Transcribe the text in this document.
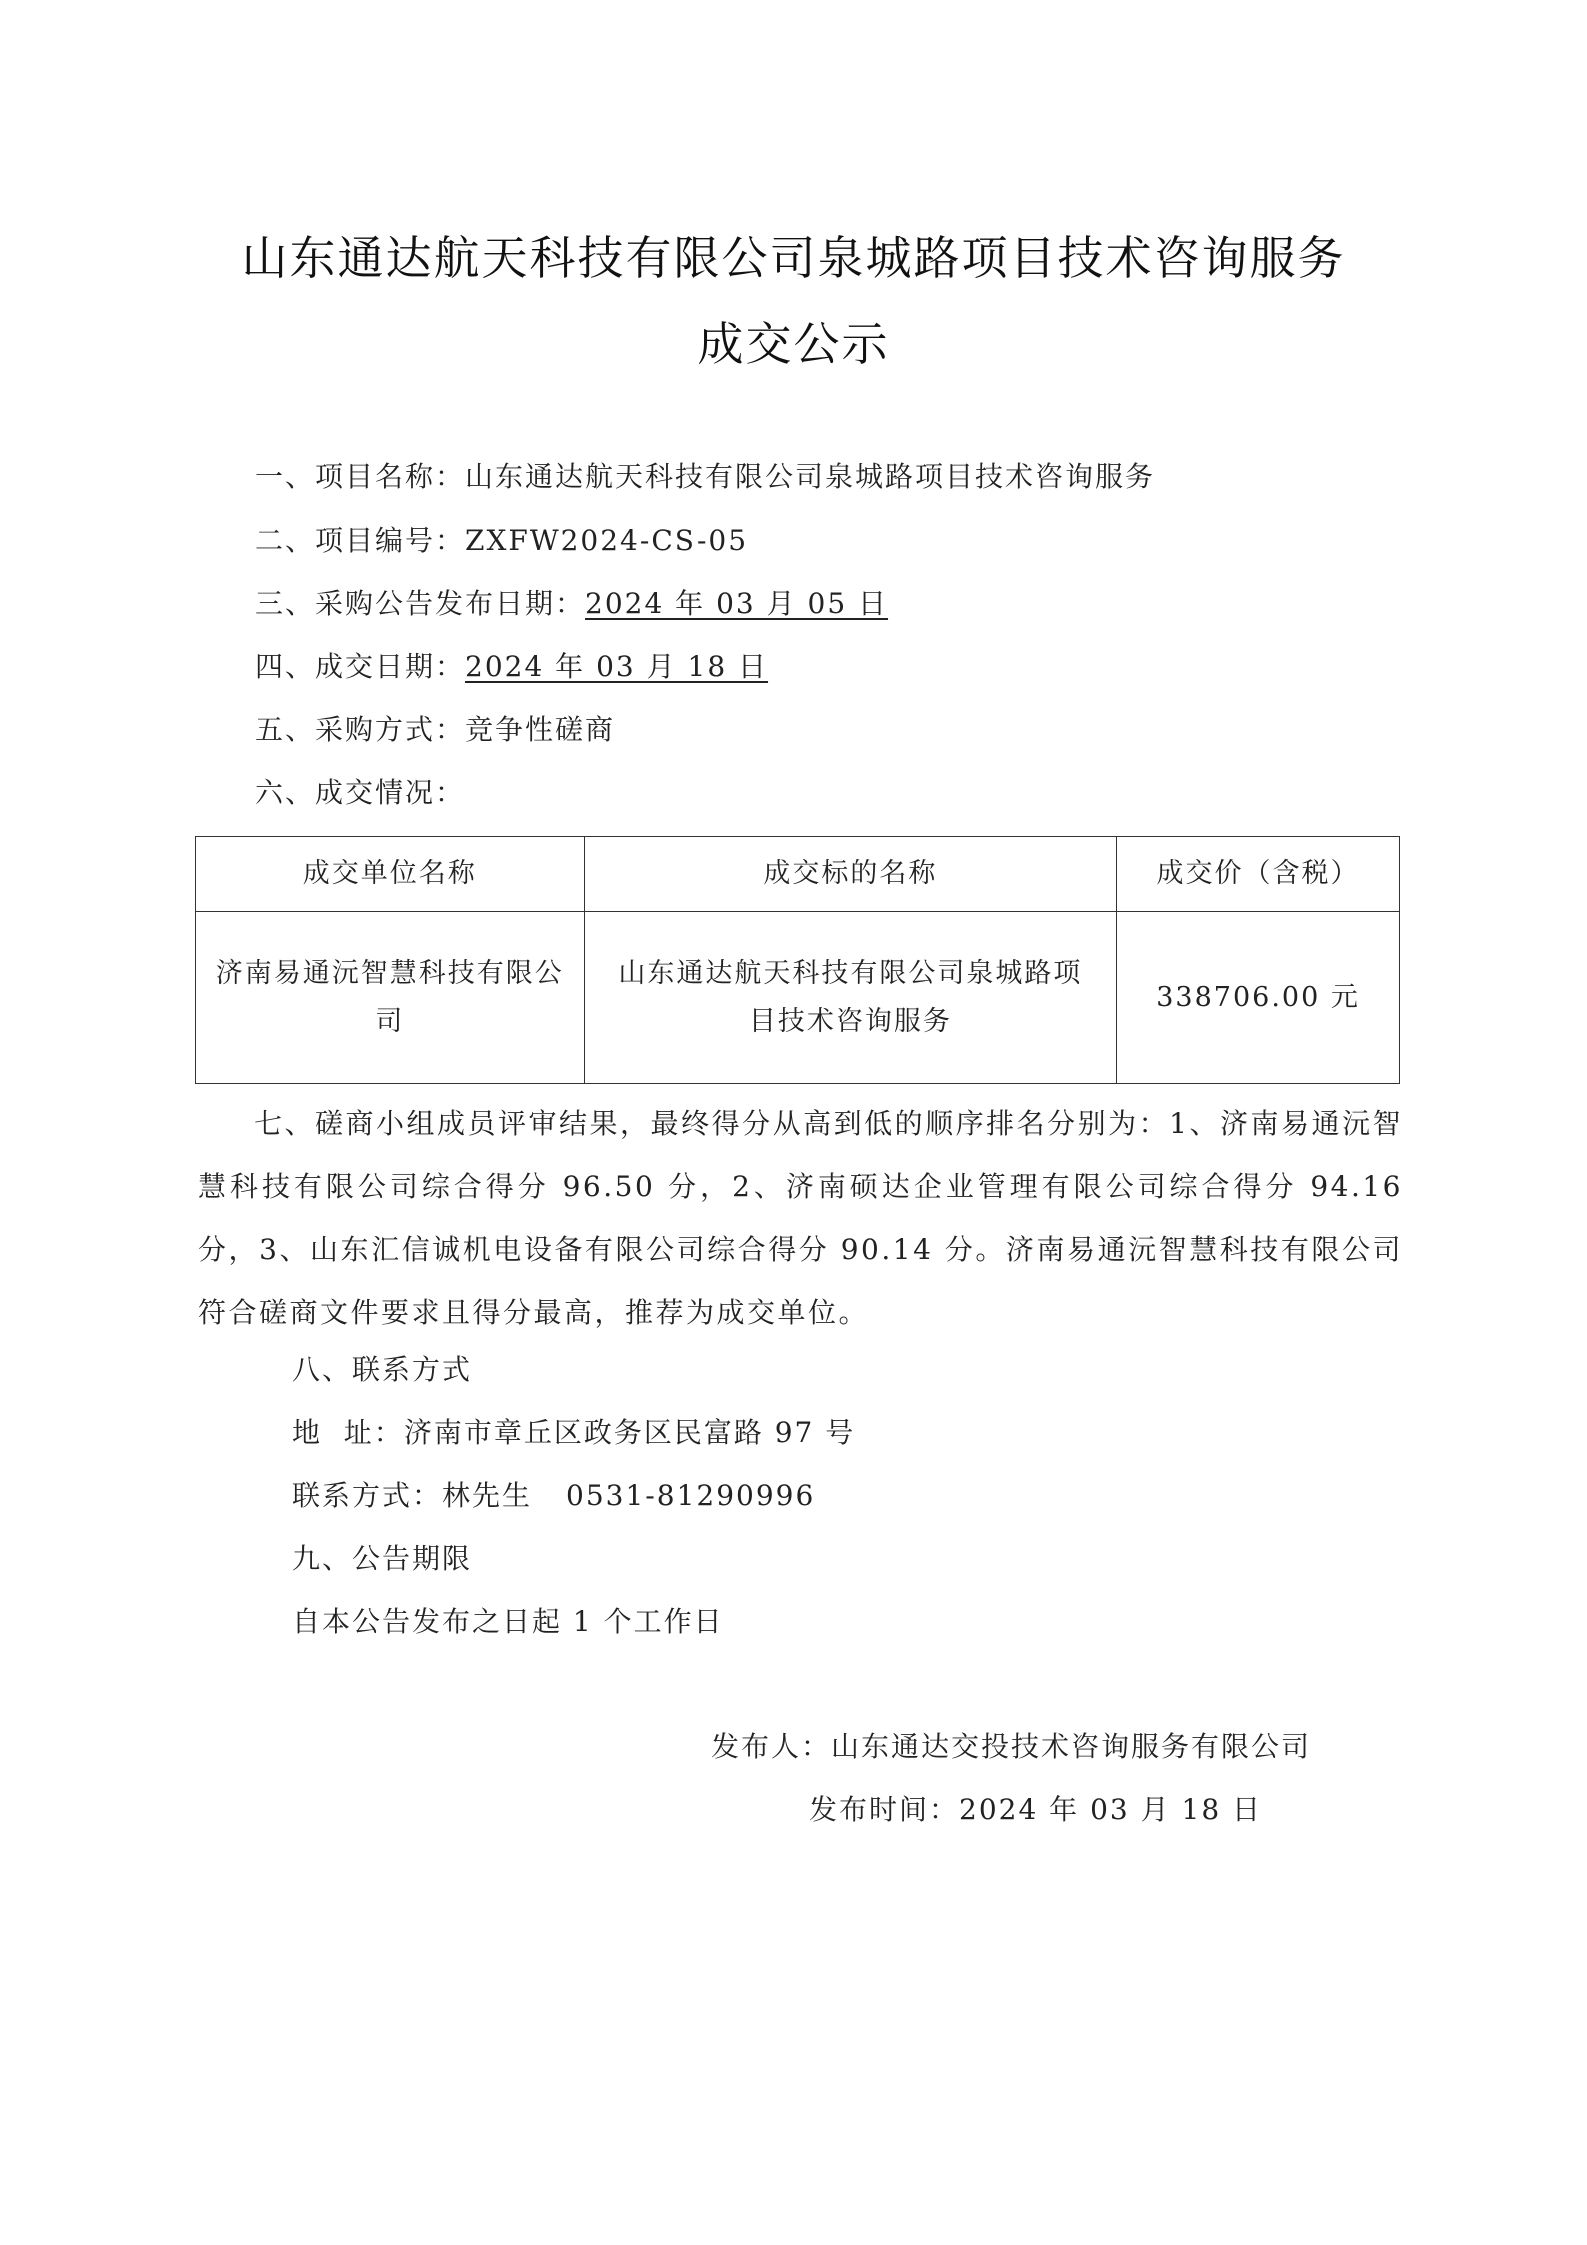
山东通达航天科技有限公司泉城路项目技术咨询服务
成交公示
一、项目名称：山东通达航天科技有限公司泉城路项目技术咨询服务
二、项目编号：ZXFW2024-CS-05
三、采购公告发布日期：2024 年 03 月 05 日
四、成交日期：2024 年 03 月 18 日
五、采购方式：竞争性磋商
六、成交情况：
成交单位名称	成交标的名称	成交价（含税）
济南易通沅智慧科技有限公司	山东通达航天科技有限公司泉城路项目技术咨询服务	338706.00 元
七、磋商小组成员评审结果，最终得分从高到低的顺序排名分别为：1、济南易通沅智慧科技有限公司综合得分 96.50 分，2、济南硕达企业管理有限公司综合得分 94.16 分，3、山东汇信诚机电设备有限公司综合得分 90.14 分。济南易通沅智慧科技有限公司符合磋商文件要求且得分最高，推荐为成交单位。
八、联系方式
地  址：济南市章丘区政务区民富路 97 号
联系方式：林先生 0531-81290996
九、公告期限
自本公告发布之日起 1 个工作日
发布人：山东通达交投技术咨询服务有限公司
发布时间：2024 年 03 月 18 日
